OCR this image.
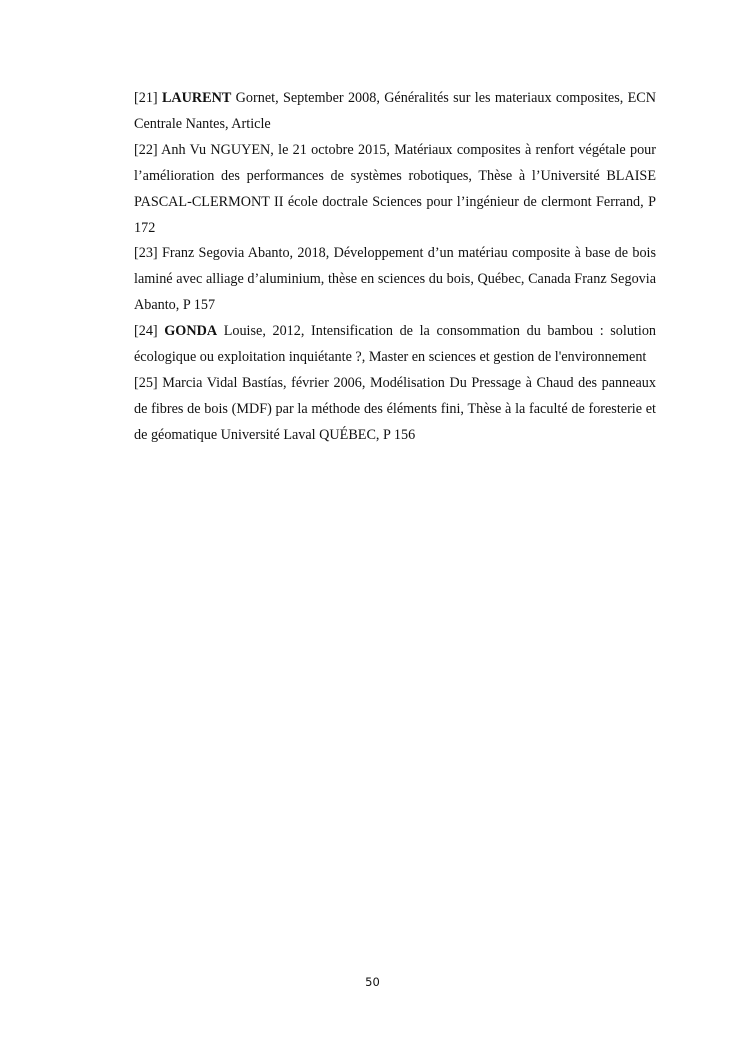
[21] LAURENT Gornet, September 2008, Généralités sur les materiaux composites, ECN Centrale Nantes, Article

[22] Anh Vu NGUYEN, le 21 octobre 2015, Matériaux composites à renfort végétale pour l’amélioration des performances de systèmes robotiques, Thèse à l’Université BLAISE PASCAL-CLERMONT II école doctrale Sciences pour l’ingénieur de clermont Ferrand, P 172

[23] Franz Segovia Abanto, 2018, Développement d’un matériau composite à base de bois laminé avec alliage d’aluminium, thèse en sciences du bois, Québec, Canada Franz Segovia Abanto, P 157

[24] GONDA Louise, 2012, Intensification de la consommation du bambou : solution écologique ou exploitation inquiétante ?, Master en sciences et gestion de l'environnement

[25] Marcia Vidal Bastías, février 2006, Modélisation Du Pressage à Chaud des panneaux de fibres de bois (MDF) par la méthode des éléments fini, Thèse à la faculté de foresterie et de géomatique Université Laval QUÉBEC, P 156

50
